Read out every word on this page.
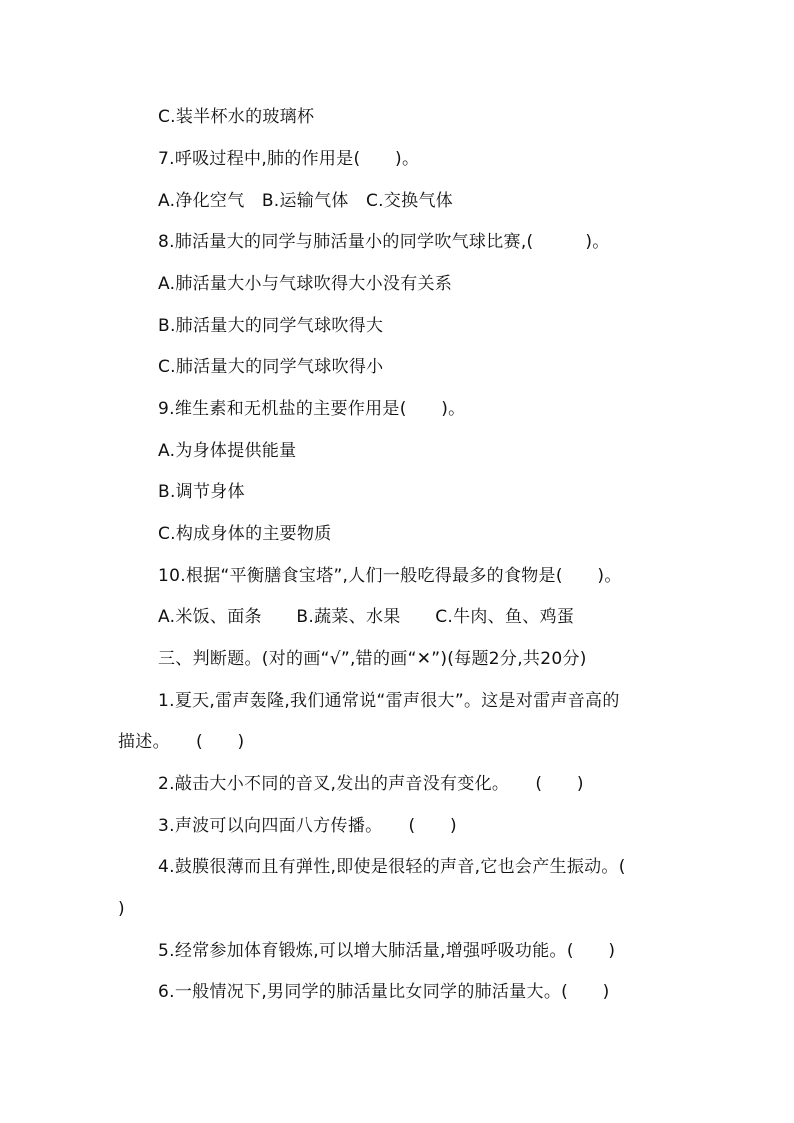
C.装半杯水的玻璃杯
7.呼吸过程中,肺的作用是(　　)。
A.净化空气　B.运输气体　C.交换气体
8.肺活量大的同学与肺活量小的同学吹气球比赛,(　　　)。
A.肺活量大小与气球吹得大小没有关系
B.肺活量大的同学气球吹得大
C.肺活量大的同学气球吹得小
9.维生素和无机盐的主要作用是(　　)。
A.为身体提供能量
B.调节身体
C.构成身体的主要物质
10.根据“平衡膳食宝塔”,人们一般吃得最多的食物是(　　)。
A.米饭、面条　　B.蔬菜、水果　　C.牛肉、鱼、鸡蛋
三、判断题。(对的画“√”,错的画“✕”)(每题2分,共20分)
1.夏天,雷声轰隆,我们通常说“雷声很大”。这是对雷声音高的
描述。　　(　　)
2.敲击大小不同的音叉,发出的声音没有变化。　　(　　)
3.声波可以向四面八方传播。　　(　　)
4.鼓膜很薄而且有弹性,即使是很轻的声音,它也会产生振动。(
)
5.经常参加体育锻炼,可以增大肺活量,增强呼吸功能。(　　)
6.一般情况下,男同学的肺活量比女同学的肺活量大。(　　)
